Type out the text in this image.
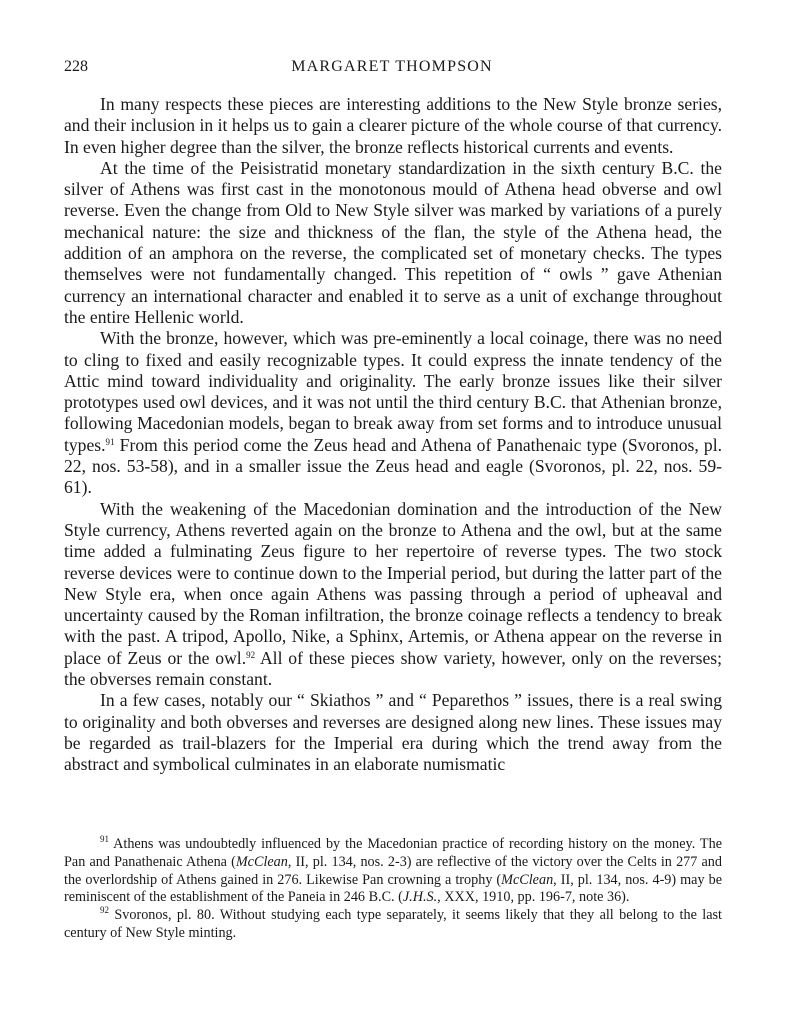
228	MARGARET THOMPSON

In many respects these pieces are interesting additions to the New Style bronze series, and their inclusion in it helps us to gain a clearer picture of the whole course of that currency. In even higher degree than the silver, the bronze reflects historical currents and events.

At the time of the Peisistratid monetary standardization in the sixth century B.C. the silver of Athens was first cast in the monotonous mould of Athena head obverse and owl reverse. Even the change from Old to New Style silver was marked by variations of a purely mechanical nature: the size and thickness of the flan, the style of the Athena head, the addition of an amphora on the reverse, the complicated set of monetary checks. The types themselves were not fundamentally changed. This repetition of “ owls ” gave Athenian currency an international character and enabled it to serve as a unit of exchange throughout the entire Hellenic world.

With the bronze, however, which was pre-eminently a local coinage, there was no need to cling to fixed and easily recognizable types. It could express the innate tendency of the Attic mind toward individuality and originality. The early bronze issues like their silver prototypes used owl devices, and it was not until the third century B.C. that Athenian bronze, following Macedonian models, began to break away from set forms and to introduce unusual types.$^{91}$ From this period come the Zeus head and Athena of Panathenaic type (Svoronos, pl. 22, nos. 53-58), and in a smaller issue the Zeus head and eagle (Svoronos, pl. 22, nos. 59-61).

With the weakening of the Macedonian domination and the introduction of the New Style currency, Athens reverted again on the bronze to Athena and the owl, but at the same time added a fulminating Zeus figure to her repertoire of reverse types. The two stock reverse devices were to continue down to the Imperial period, but during the latter part of the New Style era, when once again Athens was passing through a period of upheaval and uncertainty caused by the Roman infiltration, the bronze coinage reflects a tendency to break with the past. A tripod, Apollo, Nike, a Sphinx, Artemis, or Athena appear on the reverse in place of Zeus or the owl.$^{92}$ All of these pieces show variety, however, only on the reverses; the obverses remain constant.

In a few cases, notably our “ Skiathos ” and “ Peparethos ” issues, there is a real swing to originality and both obverses and reverses are designed along new lines. These issues may be regarded as trail-blazers for the Imperial era during which the trend away from the abstract and symbolical culminates in an elaborate numismatic

$^{91}$ Athens was undoubtedly influenced by the Macedonian practice of recording history on the money. The Pan and Panathenaic Athena (McClean, II, pl. 134, nos. 2-3) are reflective of the victory over the Celts in 277 and the overlordship of Athens gained in 276. Likewise Pan crowning a trophy (McClean, II, pl. 134, nos. 4-9) may be reminiscent of the establishment of the Paneia in 246 B.C. (J.H.S., XXX, 1910, pp. 196-7, note 36).

$^{92}$ Svoronos, pl. 80. Without studying each type separately, it seems likely that they all belong to the last century of New Style minting.
